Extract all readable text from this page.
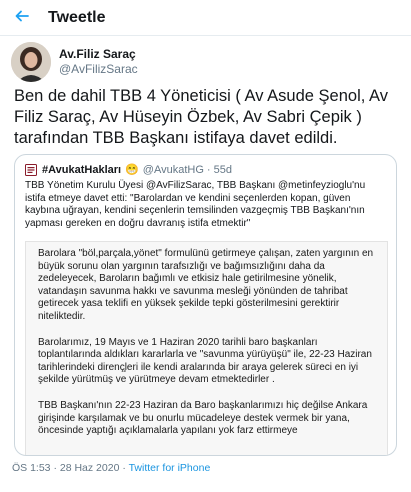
Tweetle
Av.Filiz Saraç
@AvFilizSarac
Ben de dahil TBB 4 Yöneticisi ( Av Asude Şenol, Av Filiz Saraç, Av Hüseyin Özbek, Av Sabri Çepik ) tarafından TBB Başkanı istifaya davet edildi.
#AvukatHakları 😁 @AvukatHG · 55d
TBB Yönetim Kurulu Üyesi @AvFilizSarac, TBB Başkanı @metinfeyzioglu'nu istifa etmeye davet etti: "Barolardan ve kendini seçenlerden kopan, güven kaybına uğrayan, kendini seçenlerin temsilinden vazgeçmiş TBB Başkanı'nın yapması gereken en doğru davranış istifa etmektir"

Barolara "böl,parçala,yönet" formulünü getirmeye çalışan, zaten yargının en büyük sorunu olan yargının tarafsızlığı ve bağımsızlığını daha da zedeleyecek, Baroların bağımlı ve etkisiz hale getirilmesine yönelik, vatandaşın savunma hakkı ve savunma mesleği yönünden de tahribat getirecek yasa teklifi en yüksek şekilde tepki gösterilmesini gerektirir niteliktedir.

Barolarımız, 19 Mayıs ve 1 Haziran 2020 tarihli baro başkanları toplantılarında aldıkları kararlarla ve "savunma yürüyüşü" ile, 22-23 Haziran tarihlerindeki direnç̧leri ile kendi aralarında bir araya gelerek süreci en iyi şekilde yürütmüş ve yürütmeye devam etmektedirler .

TBB Başkanı'nın 22-23 Haziran da Baro başkanlarımızı hiç değilse Ankara girişinde karşılamak ve bu onurlu mücadeleye destek vermek bir yana, öncesinde yaptığı açıklamalarla yapılanı yok farz ettirmeye

ÖS 1:53 · 28 Haz 2020 · Twitter for iPhone
